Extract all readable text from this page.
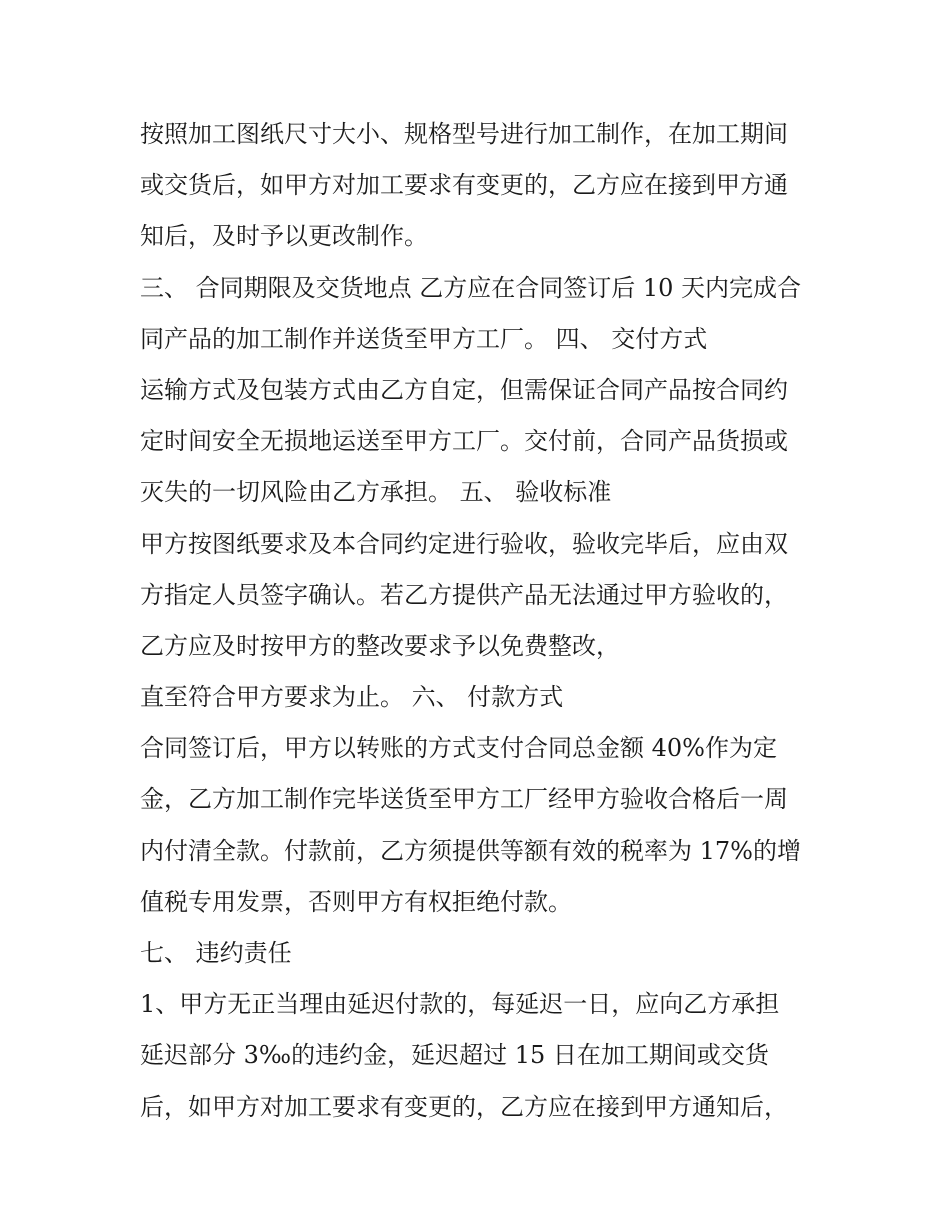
按照加工图纸尺寸大小、规格型号进行加工制作，在加工期间
或交货后，如甲方对加工要求有变更的，乙方应在接到甲方通
知后，及时予以更改制作。
三、 合同期限及交货地点 乙方应在合同签订后 10 天内完成合
同产品的加工制作并送货至甲方工厂。 四、 交付方式
运输方式及包装方式由乙方自定，但需保证合同产品按合同约
定时间安全无损地运送至甲方工厂。交付前，合同产品货损或
灭失的一切风险由乙方承担。 五、 验收标准
甲方按图纸要求及本合同约定进行验收，验收完毕后，应由双
方指定人员签字确认。若乙方提供产品无法通过甲方验收的，
乙方应及时按甲方的整改要求予以免费整改，
直至符合甲方要求为止。 六、 付款方式
合同签订后，甲方以转账的方式支付合同总金额 40%作为定
金，乙方加工制作完毕送货至甲方工厂经甲方验收合格后一周
内付清全款。付款前，乙方须提供等额有效的税率为 17%的增
值税专用发票，否则甲方有权拒绝付款。
七、 违约责任
1、甲方无正当理由延迟付款的，每延迟一日，应向乙方承担
延迟部分 3‰的违约金，延迟超过 15 日在加工期间或交货
后，如甲方对加工要求有变更的，乙方应在接到甲方通知后，
